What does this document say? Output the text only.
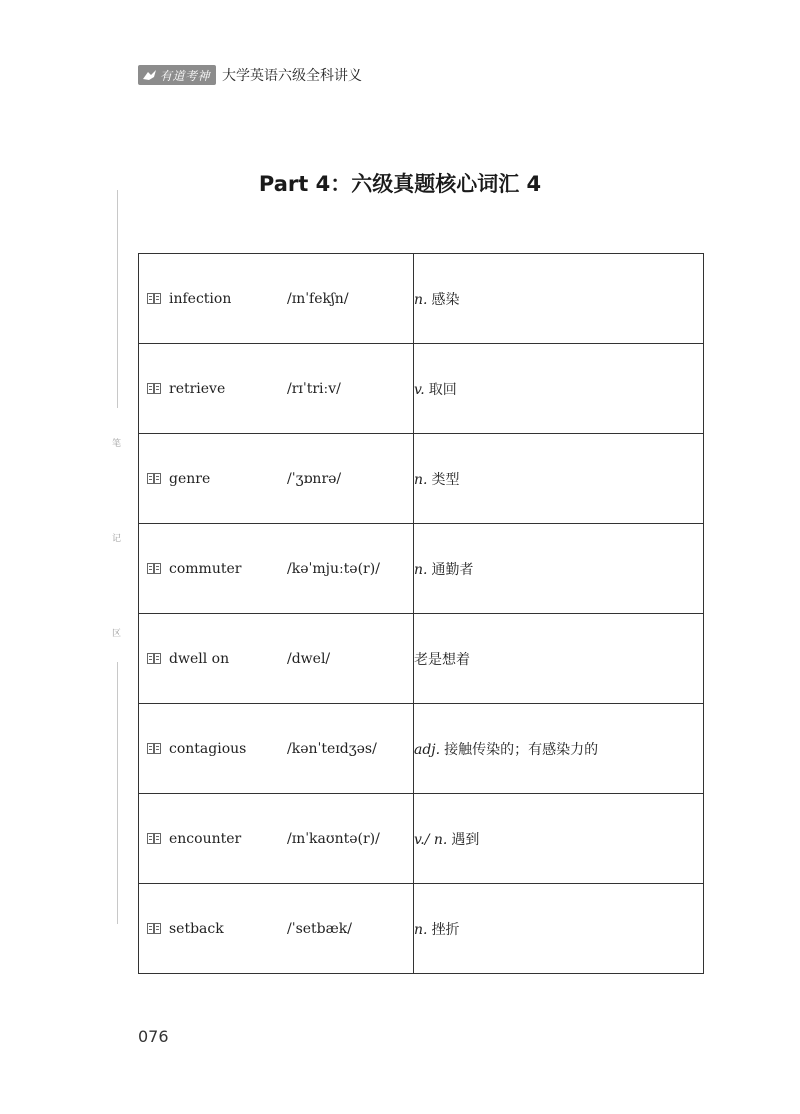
有道考神 大学英语六级全科讲义
笔
记
区
Part 4：六级真题核心词汇 4
infection /ɪnˈfekʃn/	n. 感染

retrieve /rɪˈtriːv/	v. 取回

genre /ˈʒɒnrə/	n. 类型

commuter /kəˈmjuːtə(r)/	n. 通勤者

dwell on /dwel/	老是想着

contagious /kənˈteɪdʒəs/	adj. 接触传染的；有感染力的

encounter /ɪnˈkaʊntə(r)/	v./ n. 遇到

setback /ˈsetbæk/	n. 挫折
076
